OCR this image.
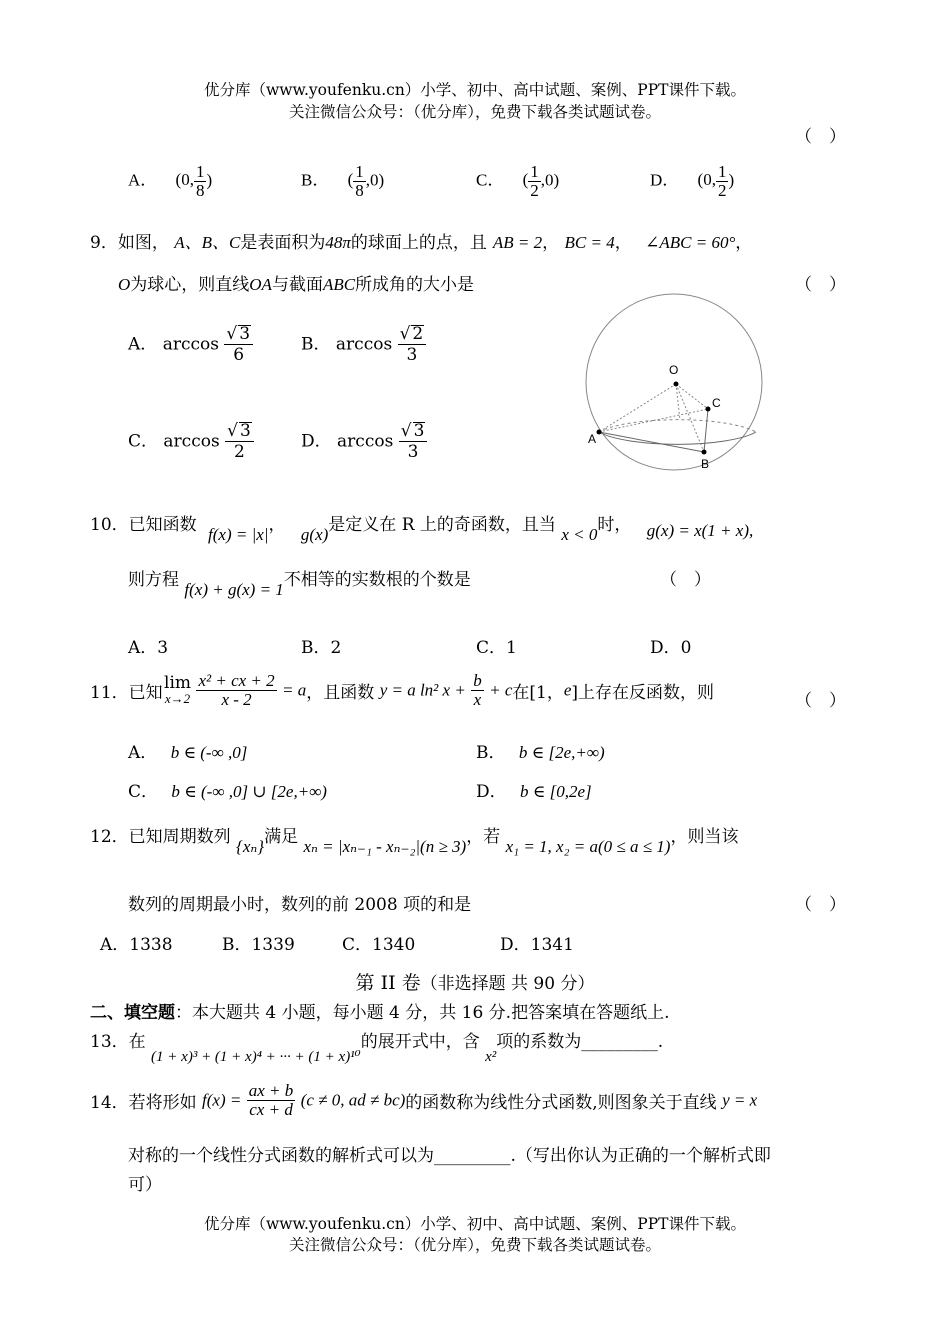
优分库（www.youfenku.cn）小学、初中、高中试题、案例、PPT课件下载。
关注微信公众号：（优分库），免费下载各类试题试卷。
（　）
A． (0, $\frac{1}{8}$ )	B． ( $\frac{1}{8} ,0$)	C． ( $\frac{1}{2} ,0$)	D． (0, $\frac{1}{2}$ )
9．如图， A、B、C是表面积为48π的球面上的点，且 AB = 2， BC = 4， ∠ABC = 60°，
O为球心，则直线OA与截面ABC所成角的大小是	（　）
A． $\arccos \frac{√ 3}{6}$	B． $\arccos \frac{√ 2}{3}$
C． $\arccos \frac{√ 3}{2}$	D． $\arccos \frac{√ 3}{3}$
O
A
B
C
10．已知函数 f(x) = |x|， g(x)是定义在 R 上的奇函数，且当 x < 0时， g(x) = x(1 + x),
则方程 f(x) + g(x) = 1不相等的实数根的个数是	（　）
A．3	B．2	C．1	D．0
11．已知
lim
x→2
$\frac{\text{x² + cx + 2}}{x - 2} = a$，且函数 y = a ln² $x + \frac{b}{x} + c$在[1，e]上存在反函数，则	（　）
A． b ∈ (-∞ ,0]	B． b ∈ [2e,+∞)
C． b ∈ (-∞ ,0] ∪ [2e,+∞)	D． b ∈ [0,2e]
12．已知周期数列 {xₙ}满足 xₙ = |xₙ₋₁ - xₙ₋₂|(n ≥ 3)，若 x₁ = 1, x₂ = a(0 ≤ a ≤ 1)，则当该
数列的周期最小时，数列的前 2008 项的和是	（　）
A．1338	B．1339	C．1340	D．1341
第 II 卷（非选择题 共 90 分）
二、填空题：本大题共 4 小题，每小题 4 分，共 16 分.把答案填在答题纸上.
13．在 (1 + x)³ + (1 + x)⁴ + ··· + (1 + x)¹⁰的展开式中，含 x²项的系数为_________.
14．若将形如 $f(x) = \frac{ax + b}{cx + d} (c \ne 0$, ad ≠ bc)的函数称为线性分式函数,则图象关于直线 y = x
对称的一个线性分式函数的解析式可以为_________.（写出你认为正确的一个解析式即
可）
优分库（www.youfenku.cn）小学、初中、高中试题、案例、PPT课件下载。
关注微信公众号：（优分库），免费下载各类试题试卷。
